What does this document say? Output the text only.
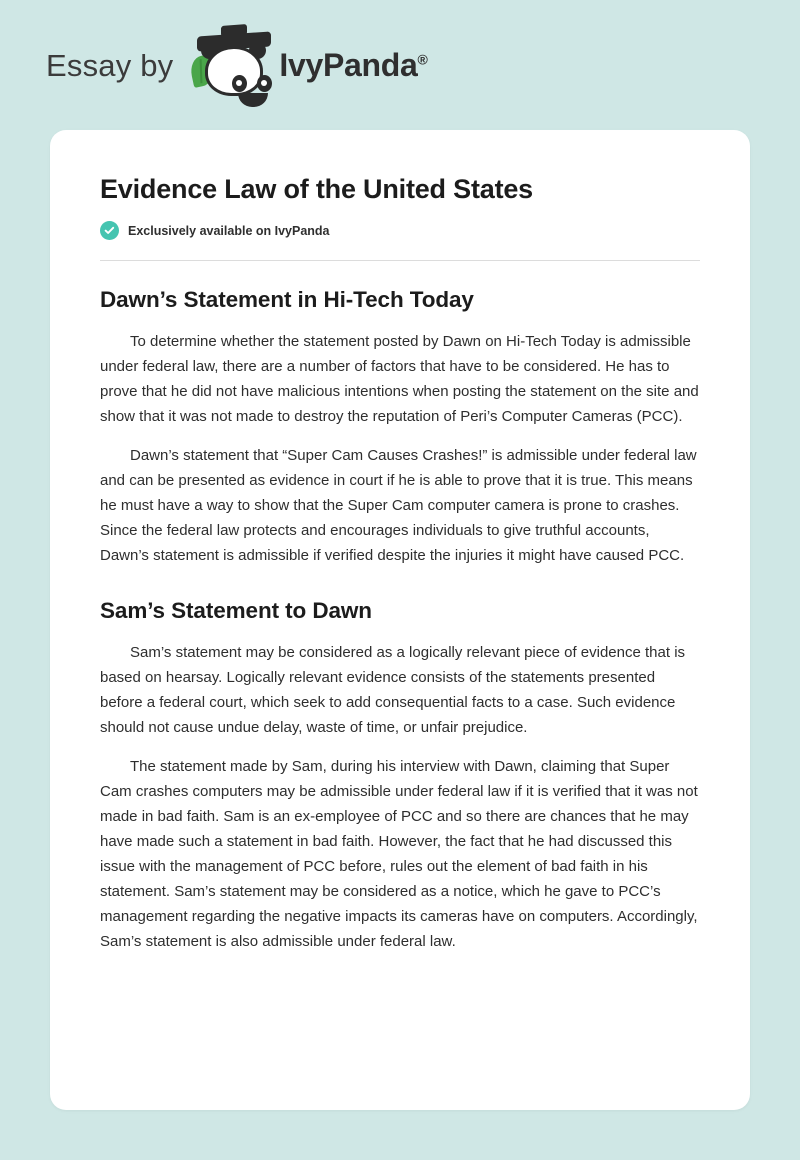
Essay by	IvyPanda®
Evidence Law of the United States
Exclusively available on IvyPanda
Dawn’s Statement in Hi-Tech Today

To determine whether the statement posted by Dawn on Hi-Tech Today is admissible under federal law, there are a number of factors that have to be considered. He has to prove that he did not have malicious intentions when posting the statement on the site and show that it was not made to destroy the reputation of Peri’s Computer Cameras (PCC).

Dawn’s statement that “Super Cam Causes Crashes!” is admissible under federal law and can be presented as evidence in court if he is able to prove that it is true. This means he must have a way to show that the Super Cam computer camera is prone to crashes. Since the federal law protects and encourages individuals to give truthful accounts, Dawn’s statement is admissible if verified despite the injuries it might have caused PCC.

Sam’s Statement to Dawn

Sam’s statement may be considered as a logically relevant piece of evidence that is based on hearsay. Logically relevant evidence consists of the statements presented before a federal court, which seek to add consequential facts to a case. Such evidence should not cause undue delay, waste of time, or unfair prejudice.

The statement made by Sam, during his interview with Dawn, claiming that Super Cam crashes computers may be admissible under federal law if it is verified that it was not made in bad faith. Sam is an ex-employee of PCC and so there are chances that he may have made such a statement in bad faith. However, the fact that he had discussed this issue with the management of PCC before, rules out the element of bad faith in his statement. Sam’s statement may be considered as a notice, which he gave to PCC’s management regarding the negative impacts its cameras have on computers. Accordingly, Sam’s statement is also admissible under federal law.
